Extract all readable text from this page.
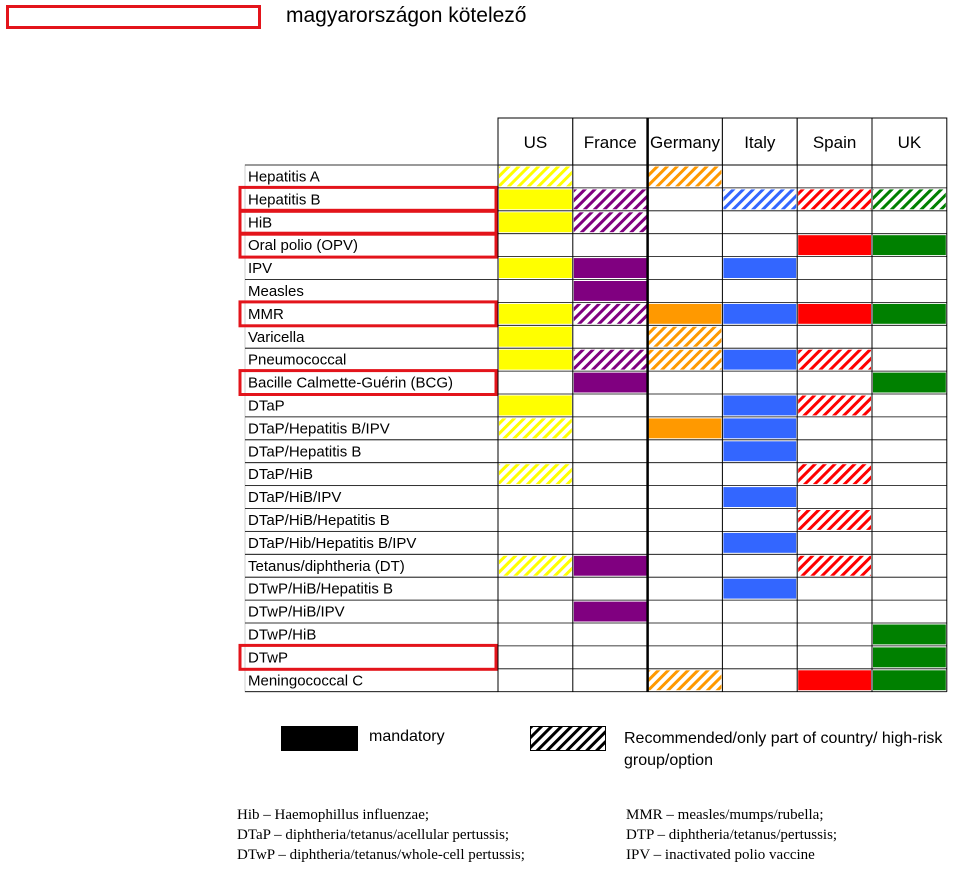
magyarországon kötelező
US France Germany Italy Spain UK
Hepatitis A
Hepatitis B
HiB
Oral polio (OPV)
IPV
Measles
MMR
Varicella
Pneumococcal
Bacille Calmette-Guérin (BCG)
DTaP
DTaP/Hepatitis B/IPV
DTaP/Hepatitis B
DTaP/HiB
DTaP/HiB/IPV
DTaP/HiB/Hepatitis B
DTaP/Hib/Hepatitis B/IPV
Tetanus/diphtheria (DT)
DTwP/HiB/Hepatitis B
DTwP/HiB/IPV
DTwP/HiB
DTwP
Meningococcal C
mandatory	Recommended/only part of country/ high-risk group/option
Hib – Haemophillus influenzae;
DTaP – diphtheria/tetanus/acellular pertussis;
DTwP – diphtheria/tetanus/whole-cell pertussis;
MMR – measles/mumps/rubella;
DTP – diphtheria/tetanus/pertussis;
IPV – inactivated polio vaccine
